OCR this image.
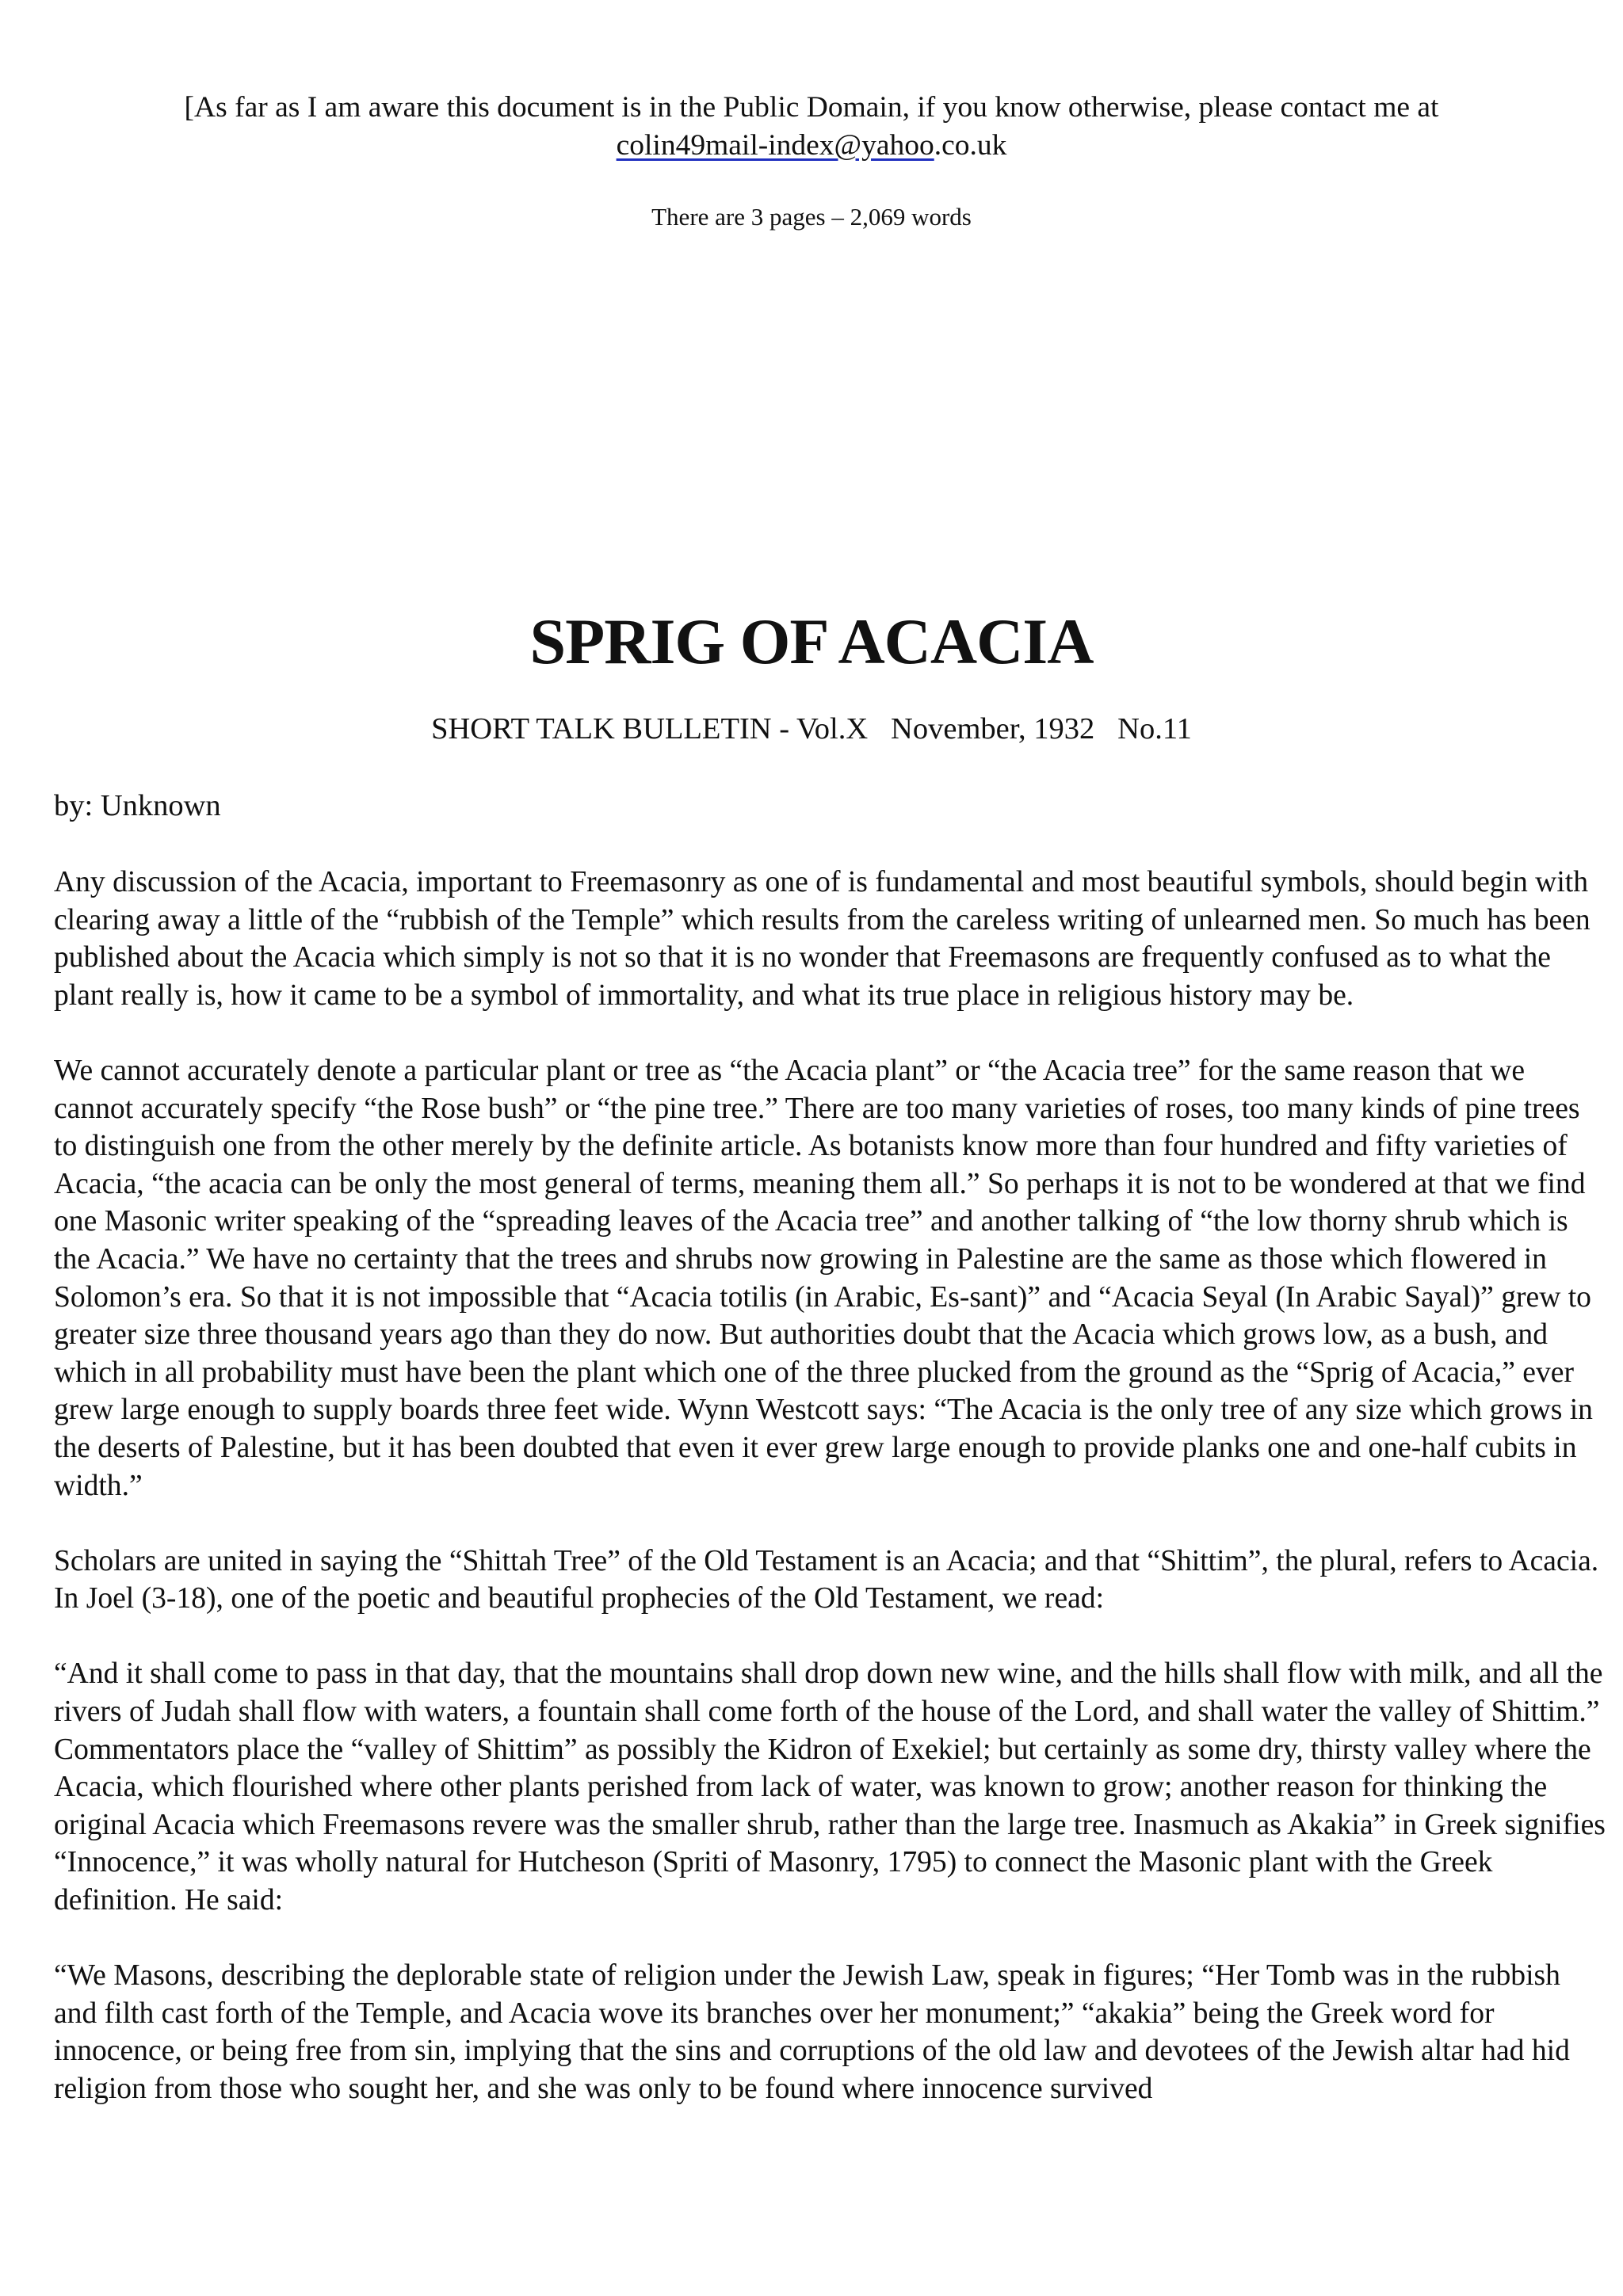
[As far as I am aware this document is in the Public Domain, if you know otherwise, please contact me at
colin49mail-index@yahoo.co.uk
There are 3 pages – 2,069 words
SPRIG OF ACACIA
SHORT TALK BULLETIN - Vol.X   November, 1932   No.11
by: Unknown

Any discussion of the Acacia, important to Freemasonry as one of is fundamental and most beautiful symbols, should begin with clearing away a little of the “rubbish of the Temple” which results from the careless writing of unlearned men. So much has been published about the Acacia which simply is not so that it is no wonder that Freemasons are frequently confused as to what the plant really is, how it came to be a symbol of immortality, and what its true place in religious history may be.

We cannot accurately denote a particular plant or tree as “the Acacia plant” or “the Acacia tree” for the same reason that we cannot accurately specify “the Rose bush” or “the pine tree.” There are too many varieties of roses, too many kinds of pine trees to distinguish one from the other merely by the definite article. As botanists know more than four hundred and fifty varieties of Acacia, “the acacia can be only the most general of terms, meaning them all.” So perhaps it is not to be wondered at that we find one Masonic writer speaking of the “spreading leaves of the Acacia tree” and another talking of “the low thorny shrub which is the Acacia.” We have no certainty that the trees and shrubs now growing in Palestine are the same as those which flowered in Solomon’s era. So that it is not impossible that “Acacia totilis (in Arabic, Es-sant)” and “Acacia Seyal (In Arabic Sayal)” grew to greater size three thousand years ago than they do now. But authorities doubt that the Acacia which grows low, as a bush, and which in all probability must have been the plant which one of the three plucked from the ground as the “Sprig of Acacia,” ever grew large enough to supply boards three feet wide. Wynn Westcott says: “The Acacia is the only tree of any size which grows in the deserts of Palestine, but it has been doubted that even it ever grew large enough to provide planks one and one-half cubits in width.”

Scholars are united in saying the “Shittah Tree” of the Old Testament is an Acacia; and that “Shittim”, the plural, refers to Acacia. In Joel (3-18), one of the poetic and beautiful prophecies of the Old Testament, we read:

“And it shall come to pass in that day, that the mountains shall drop down new wine, and the hills shall flow with milk, and all the rivers of Judah shall flow with waters, a fountain shall come forth of the house of the Lord, and shall water the valley of Shittim.” Commentators place the “valley of Shittim” as possibly the Kidron of Exekiel; but certainly as some dry, thirsty valley where the Acacia, which flourished where other plants perished from lack of water, was known to grow; another reason for thinking the original Acacia which Freemasons revere was the smaller shrub, rather than the large tree. Inasmuch as Akakia” in Greek signifies “Innocence,” it was wholly natural for Hutcheson (Spriti of Masonry, 1795) to connect the Masonic plant with the Greek definition. He said:

“We Masons, describing the deplorable state of religion under the Jewish Law, speak in figures; “Her Tomb was in the rubbish and filth cast forth of the Temple, and Acacia wove its branches over her monument;” “akakia” being the Greek word for innocence, or being free from sin, implying that the sins and corruptions of the old law and devotees of the Jewish altar had hid religion from those who sought her, and she was only to be found where innocence survived
